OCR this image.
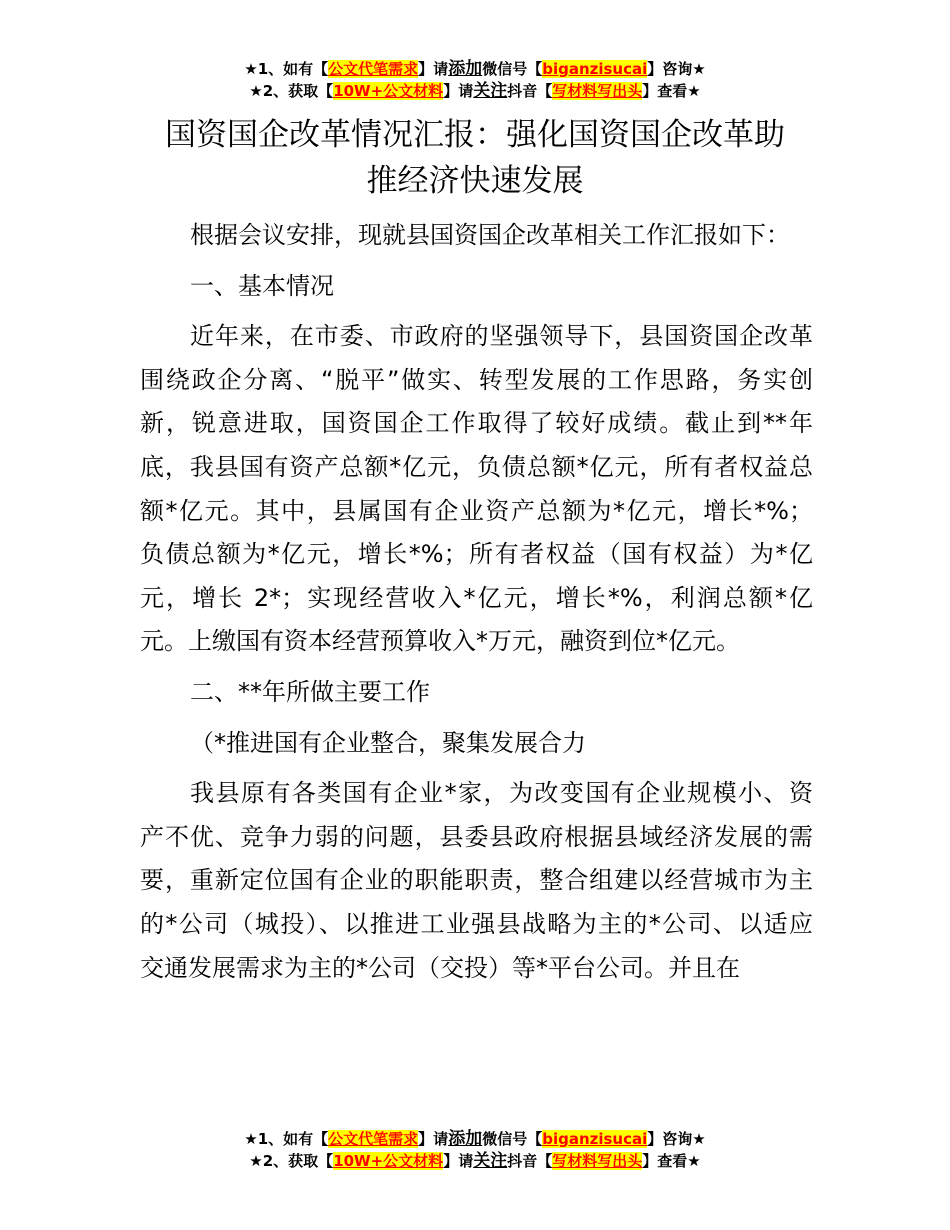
★1、如有【公文代笔需求】请添加微信号【biganzisucai】咨询★
★2、获取【10W+公文材料】请关注抖音【写材料写出头】查看★
国资国企改革情况汇报：强化国资国企改革助
推经济快速发展
根据会议安排，现就县国资国企改革相关工作汇报如下：
一、基本情况
近年来，在市委、市政府的坚强领导下，县国资国企改革
围绕政企分离、“脱平”做实、转型发展的工作思路，务实创
新，锐意进取，国资国企工作取得了较好成绩。截止到**年
底，我县国有资产总额*亿元，负债总额*亿元，所有者权益总
额*亿元。其中，县属国有企业资产总额为*亿元，增长*%；
负债总额为*亿元，增长*%；所有者权益（国有权益）为*亿
元，增长 2*；实现经营收入*亿元，增长*%，利润总额*亿
元。上缴国有资本经营预算收入*万元，融资到位*亿元。
二、**年所做主要工作
（*推进国有企业整合，聚集发展合力
我县原有各类国有企业*家，为改变国有企业规模小、资
产不优、竞争力弱的问题，县委县政府根据县域经济发展的需
要，重新定位国有企业的职能职责，整合组建以经营城市为主
的*公司（城投）、以推进工业强县战略为主的*公司、以适应
交通发展需求为主的*公司（交投）等*平台公司。并且在
★1、如有【公文代笔需求】请添加微信号【biganzisucai】咨询★
★2、获取【10W+公文材料】请关注抖音【写材料写出头】查看★
